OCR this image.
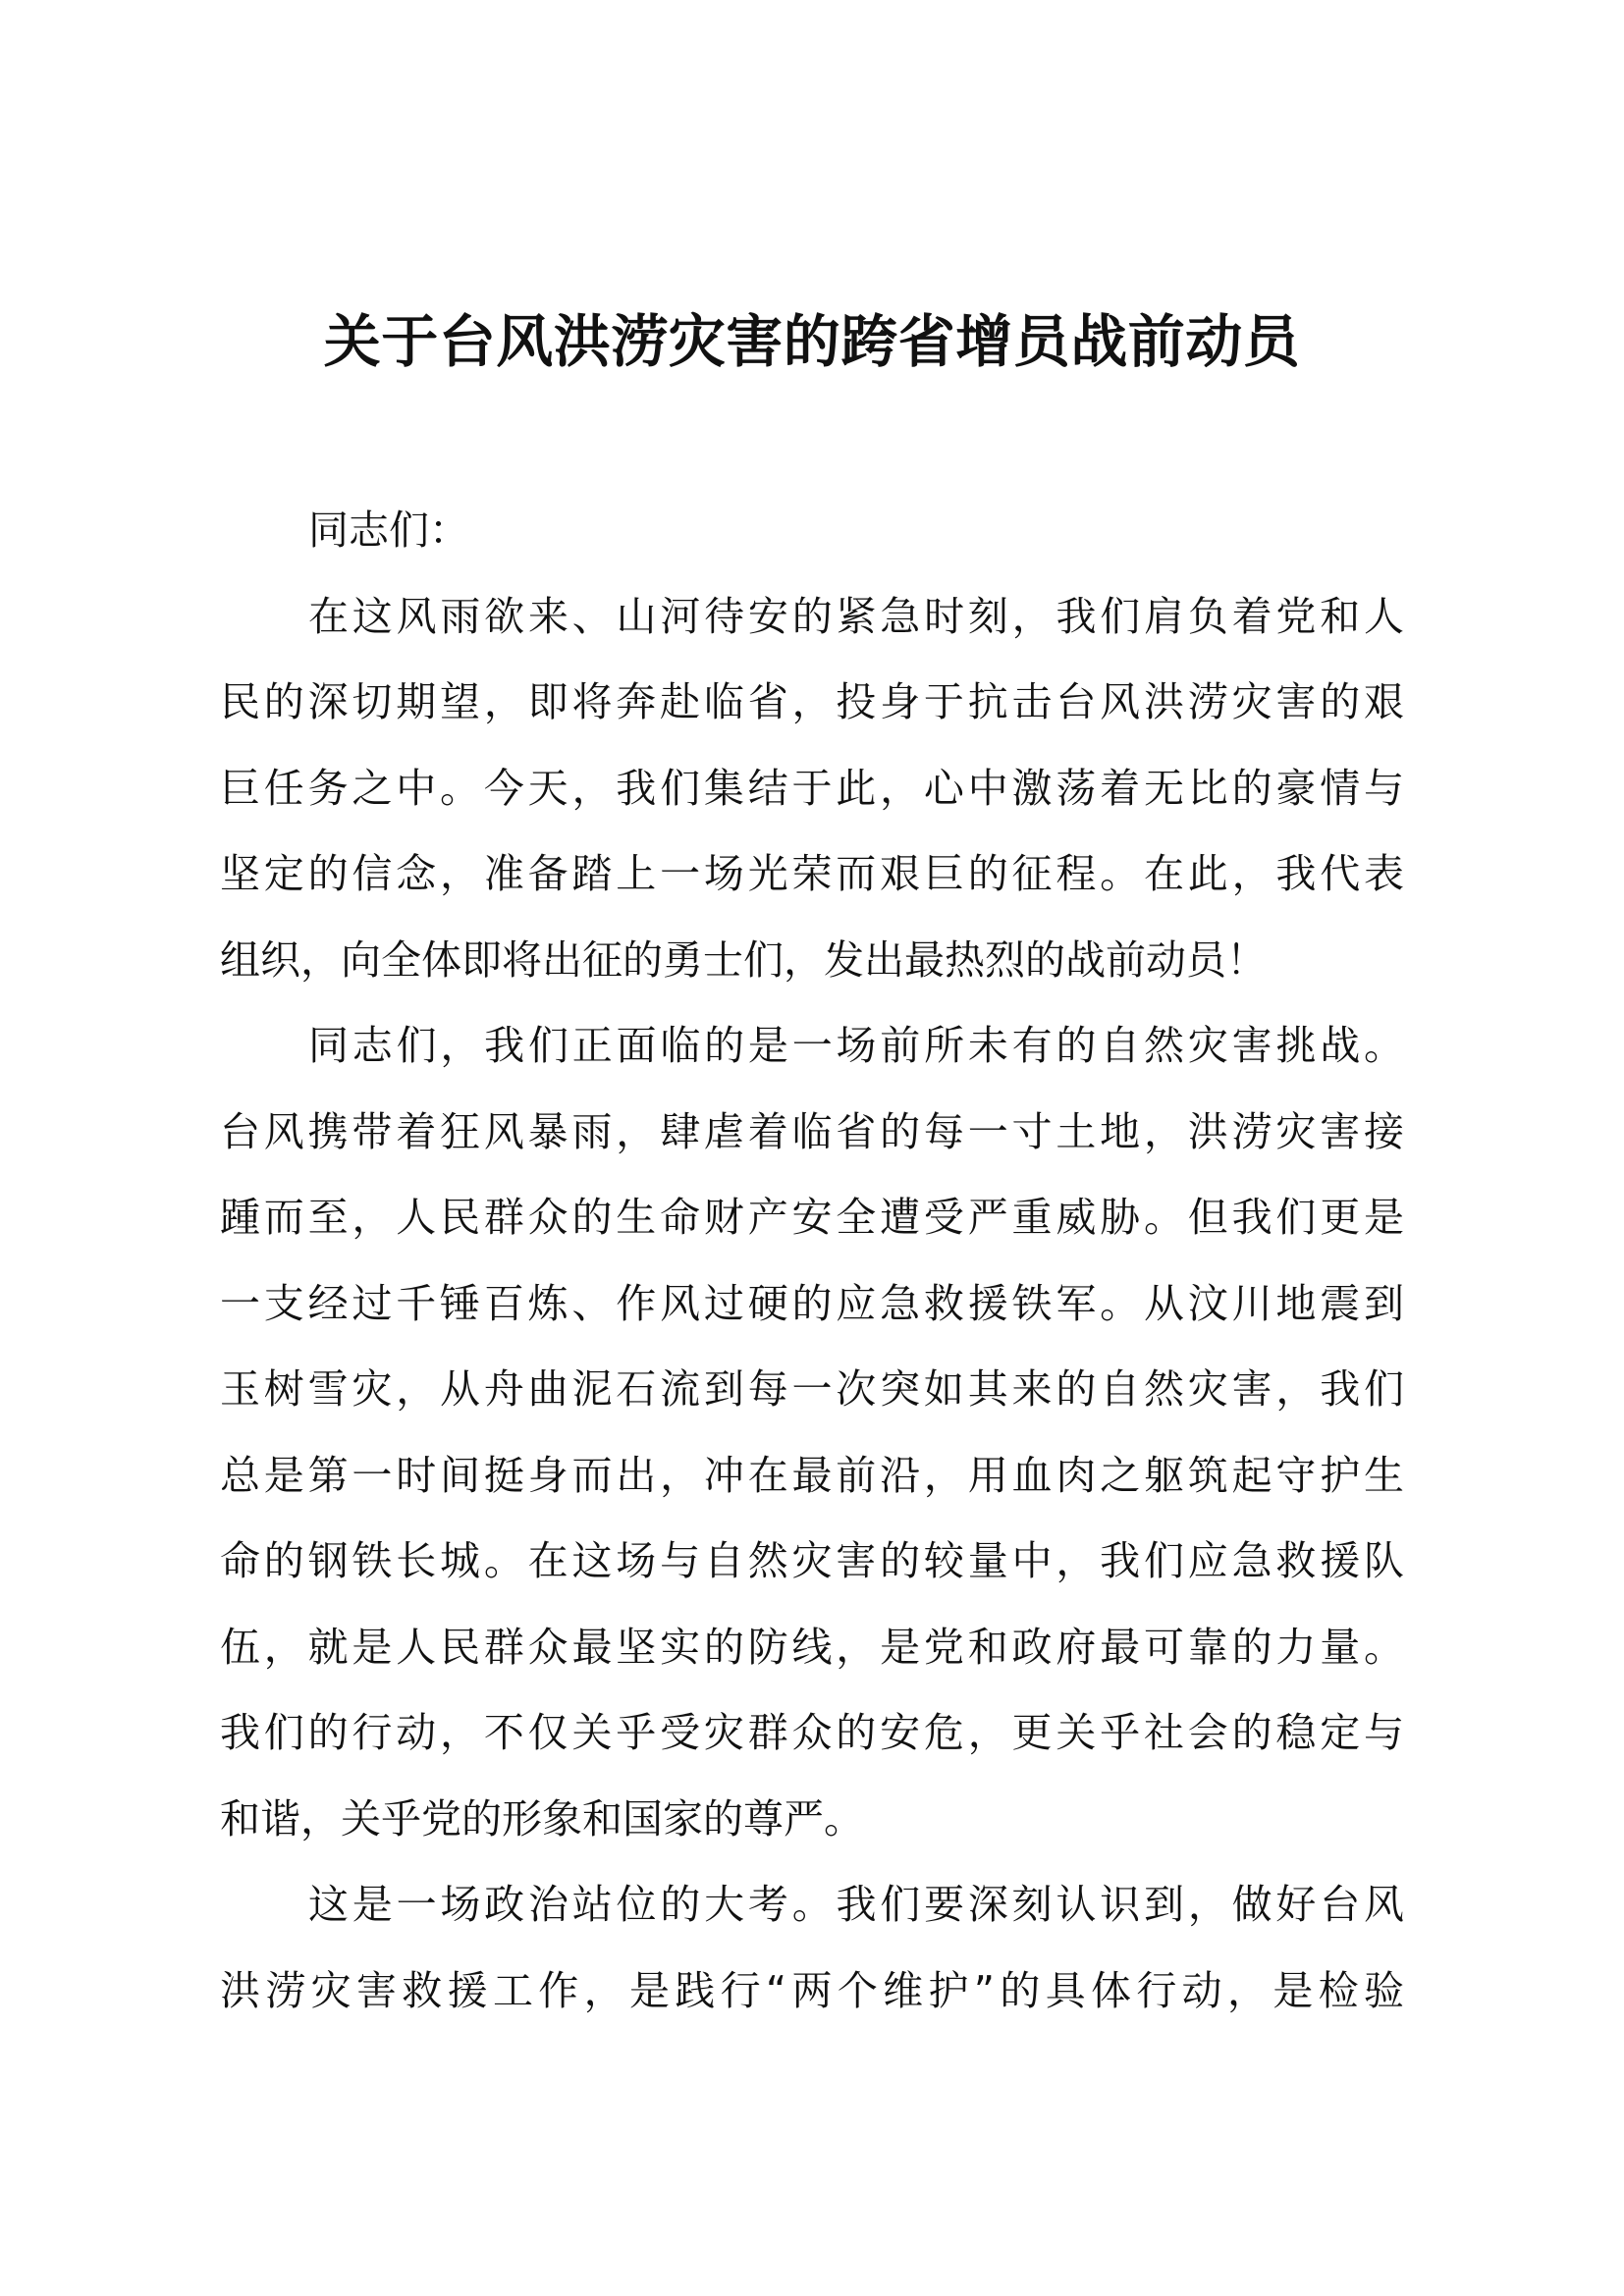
关于台风洪涝灾害的跨省增员战前动员
同志们：
在这风雨欲来、山河待安的紧急时刻，我们肩负着党和人
民的深切期望，即将奔赴临省，投身于抗击台风洪涝灾害的艰
巨任务之中。今天，我们集结于此，心中激荡着无比的豪情与
坚定的信念，准备踏上一场光荣而艰巨的征程。在此，我代表
组织，向全体即将出征的勇士们，发出最热烈的战前动员！
同志们，我们正面临的是一场前所未有的自然灾害挑战。
台风携带着狂风暴雨，肆虐着临省的每一寸土地，洪涝灾害接
踵而至，人民群众的生命财产安全遭受严重威胁。但我们更是
一支经过千锤百炼、作风过硬的应急救援铁军。从汶川地震到
玉树雪灾，从舟曲泥石流到每一次突如其来的自然灾害，我们
总是第一时间挺身而出，冲在最前沿，用血肉之躯筑起守护生
命的钢铁长城。在这场与自然灾害的较量中，我们应急救援队
伍，就是人民群众最坚实的防线，是党和政府最可靠的力量。
我们的行动，不仅关乎受灾群众的安危，更关乎社会的稳定与
和谐，关乎党的形象和国家的尊严。
这是一场政治站位的大考。我们要深刻认识到，做好台风
洪涝灾害救援工作，是践行“两个维护”的具体行动，是检验
